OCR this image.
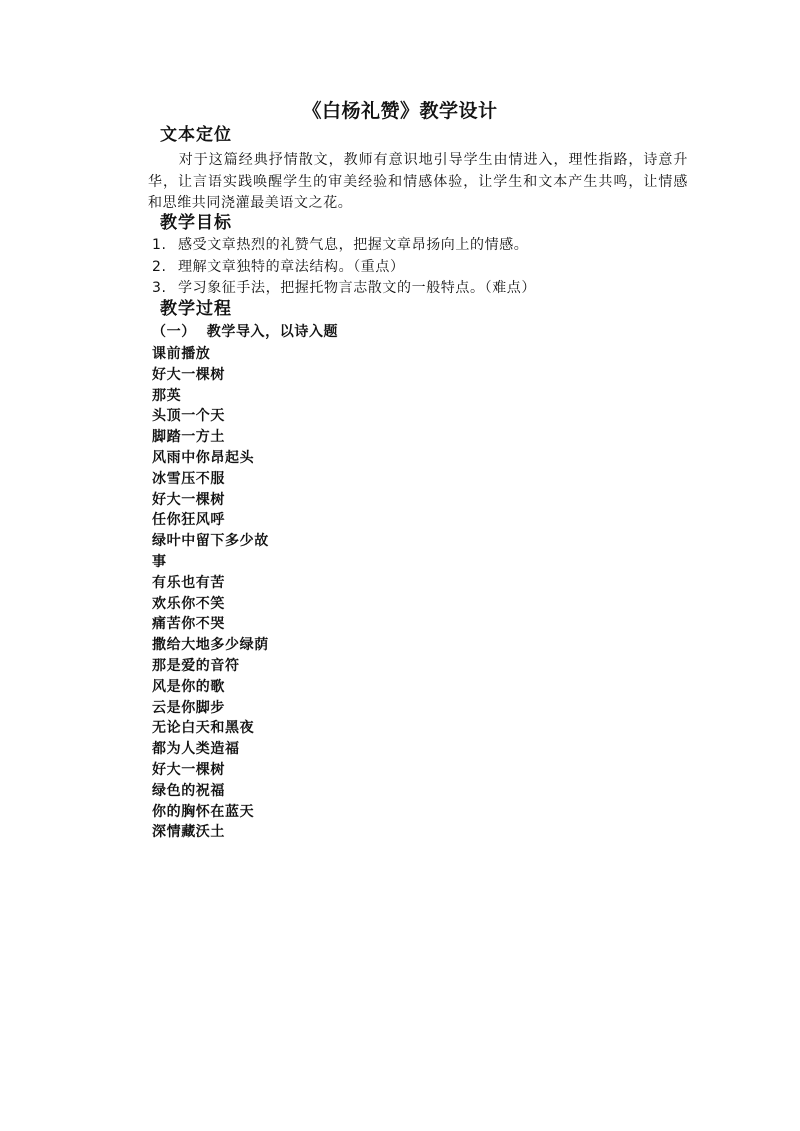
《白杨礼赞》教学设计
文本定位

对于这篇经典抒情散文，教师有意识地引导学生由情进入，理性指路，诗意升华，让言语实践唤醒学生的审美经验和情感体验，让学生和文本产生共鸣，让情感和思维共同浇灌最美语文之花。

教学目标
1. 感受文章热烈的礼赞气息，把握文章昂扬向上的情感。
2. 理解文章独特的章法结构。（重点）
3. 学习象征手法，把握托物言志散文的一般特点。（难点）
教学过程
（一）  教学导入，以诗入题
课前播放
好大一棵树
那英
头顶一个天
脚踏一方土
风雨中你昂起头
冰雪压不服
好大一棵树
任你狂风呼
绿叶中留下多少故
事
有乐也有苦
欢乐你不笑
痛苦你不哭
撒给大地多少绿荫
那是爱的音符
风是你的歌
云是你脚步
无论白天和黑夜
都为人类造福
好大一棵树
绿色的祝福
你的胸怀在蓝天
深情藏沃土
